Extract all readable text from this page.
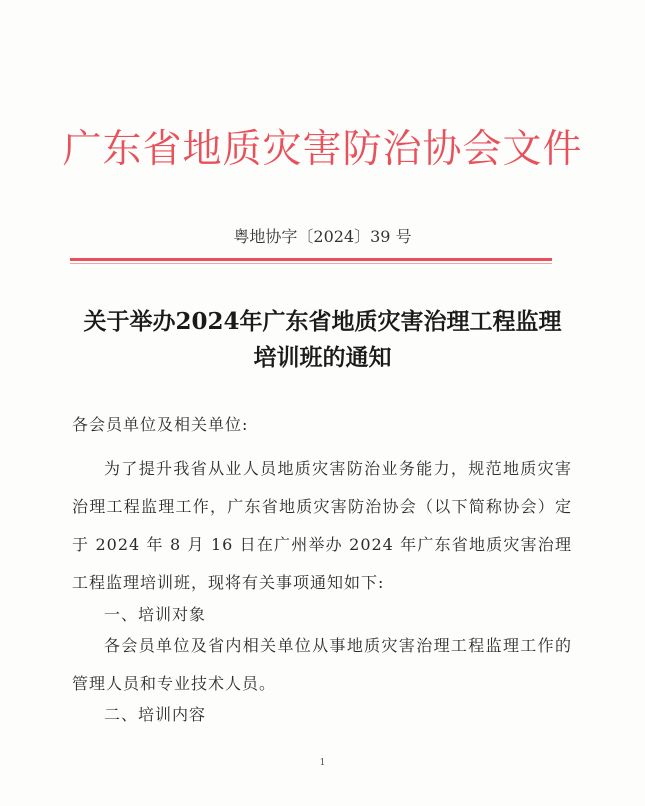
广东省地质灾害防治协会文件
粤地协字〔2024〕39 号
关于举办2024年广东省地质灾害治理工程监理
培训班的通知
各会员单位及相关单位:
为了提升我省从业人员地质灾害防治业务能力，规范地质灾害治理工程监理工作，广东省地质灾害防治协会（以下简称协会）定于 2024 年 8 月 16 日在广州举办 2024 年广东省地质灾害治理工程监理培训班，现将有关事项通知如下:
一、培训对象
各会员单位及省内相关单位从事地质灾害治理工程监理工作的管理人员和专业技术人员。
二、培训内容
1
